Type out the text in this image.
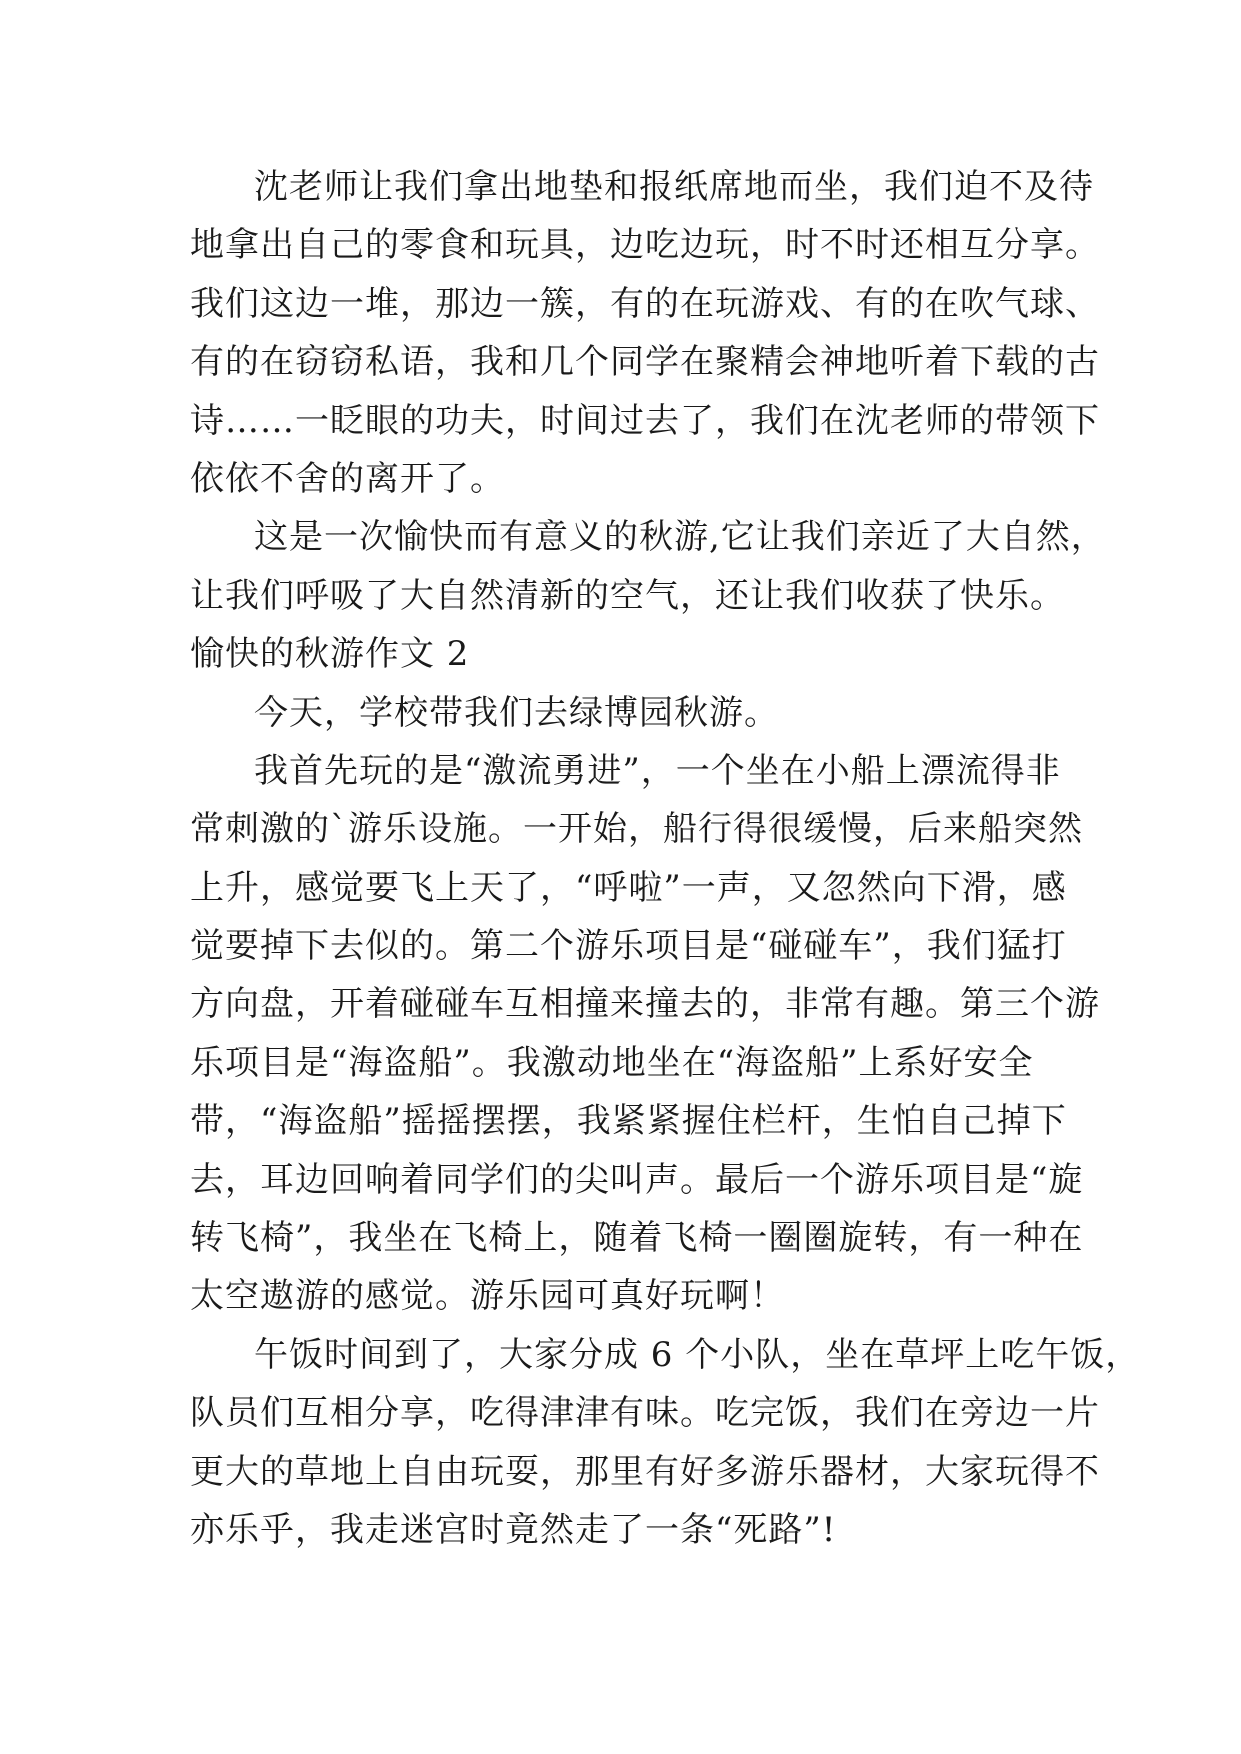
沈老师让我们拿出地垫和报纸席地而坐，我们迫不及待
地拿出自己的零食和玩具，边吃边玩，时不时还相互分享。
我们这边一堆，那边一簇，有的在玩游戏、有的在吹气球、
有的在窃窃私语，我和几个同学在聚精会神地听着下载的古
诗……一眨眼的功夫，时间过去了，我们在沈老师的带领下
依依不舍的离开了。
这是一次愉快而有意义的秋游,它让我们亲近了大自然，
让我们呼吸了大自然清新的空气，还让我们收获了快乐。
愉快的秋游作文 2
今天，学校带我们去绿博园秋游。
我首先玩的是“激流勇进”，一个坐在小船上漂流得非
常刺激的`游乐设施。一开始，船行得很缓慢，后来船突然
上升，感觉要飞上天了，“呼啦”一声，又忽然向下滑，感
觉要掉下去似的。第二个游乐项目是“碰碰车”，我们猛打
方向盘，开着碰碰车互相撞来撞去的，非常有趣。第三个游
乐项目是“海盗船”。我激动地坐在“海盗船”上系好安全
带，“海盗船”摇摇摆摆，我紧紧握住栏杆，生怕自己掉下
去，耳边回响着同学们的尖叫声。最后一个游乐项目是“旋
转飞椅”，我坐在飞椅上，随着飞椅一圈圈旋转，有一种在
太空遨游的感觉。游乐园可真好玩啊！
午饭时间到了，大家分成 6 个小队，坐在草坪上吃午饭，
队员们互相分享，吃得津津有味。吃完饭，我们在旁边一片
更大的草地上自由玩耍，那里有好多游乐器材，大家玩得不
亦乐乎，我走迷宫时竟然走了一条“死路”!
